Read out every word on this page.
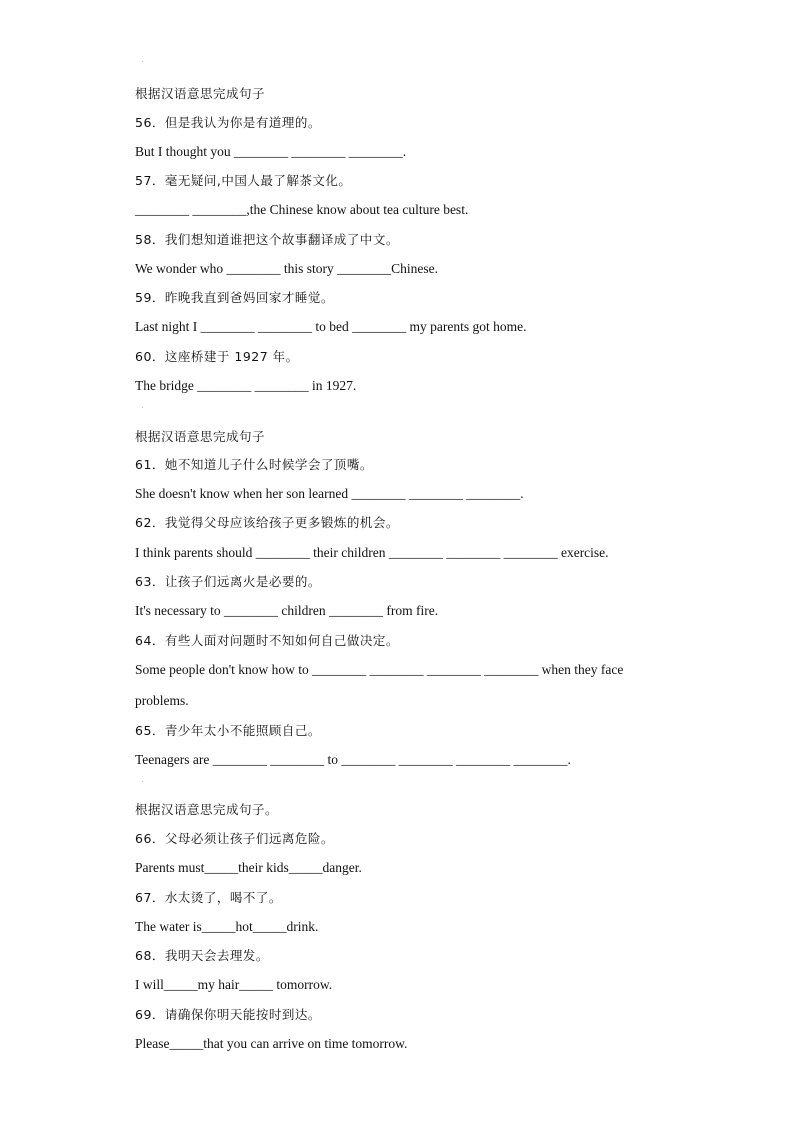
.
根据汉语意思完成句子
56．但是我认为你是有道理的。
But I thought you ________ ________ ________.
57．毫无疑问,中国人最了解茶文化。
________ ________,the Chinese know about tea culture best.
58．我们想知道谁把这个故事翻译成了中文。
We wonder who ________ this story ________Chinese.
59．昨晚我直到爸妈回家才睡觉。
Last night I ________ ________ to bed ________ my parents got home.
60．这座桥建于 1927 年。
The bridge ________ ________ in 1927.
.
根据汉语意思完成句子
61．她不知道儿子什么时候学会了顶嘴。
She doesn't know when her son learned ________ ________ ________.
62．我觉得父母应该给孩子更多锻炼的机会。
I think parents should ________ their children ________ ________ ________ exercise.
63．让孩子们远离火是必要的。
It's necessary to ________ children ________ from fire.
64．有些人面对问题时不知如何自己做决定。
Some people don't know how to ________ ________ ________ ________ when they face
problems.
65．青少年太小不能照顾自己。
Teenagers are ________ ________ to ________ ________ ________ ________.
.
根据汉语意思完成句子。
66．父母必须让孩子们远离危险。
Parents must_____their kids_____danger.
67．水太烫了，喝不了。
The water is_____hot_____drink.
68．我明天会去理发。
I will_____my hair_____ tomorrow.
69．请确保你明天能按时到达。
Please_____that you can arrive on time tomorrow.
